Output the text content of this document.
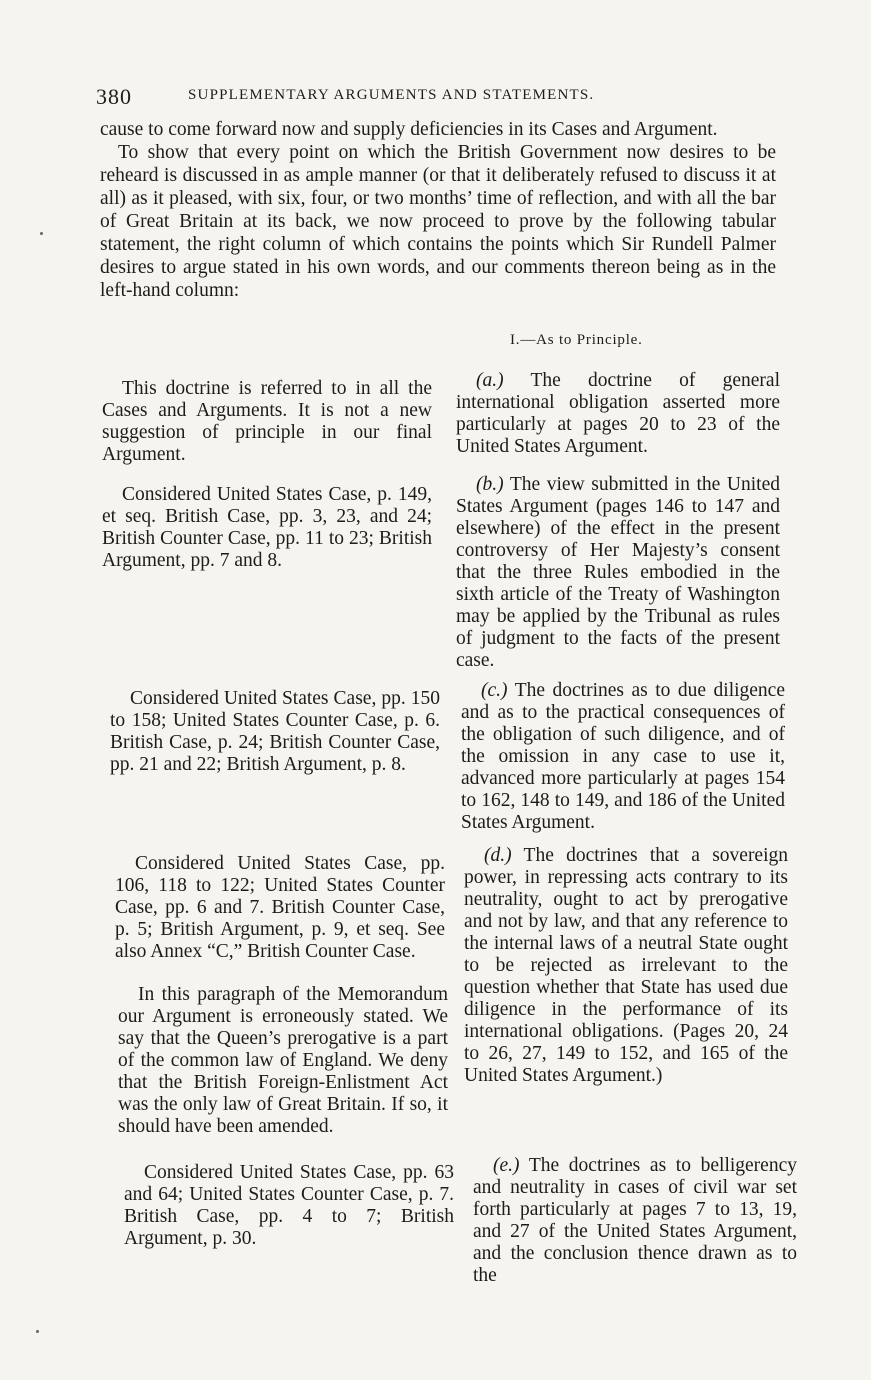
380	SUPPLEMENTARY ARGUMENTS AND STATEMENTS.

cause to come forward now and supply deficiencies in its Cases and Argument.

To show that every point on which the British Government now desires to be reheard is discussed in as ample manner (or that it deliberately refused to discuss it at all) as it pleased, with six, four, or two months’ time of reflection, and with all the bar of Great Britain at its back, we now proceed to prove by the following tabular statement, the right column of which contains the points which Sir Rundell Palmer desires to argue stated in his own words, and our comments thereon being as in the left-hand column:

I.—As to Principle.

This doctrine is referred to in all the Cases and Arguments. It is not a new suggestion of principle in our final Argument.

Considered United States Case, p. 149, et seq. British Case, pp. 3, 23, and 24; British Counter Case, pp. 11 to 23; British Argument, pp. 7 and 8.

Considered United States Case, pp. 150 to 158; United States Counter Case, p. 6. British Case, p. 24; British Counter Case, pp. 21 and 22; British Argument, p. 8.

Considered United States Case, pp. 106, 118 to 122; United States Counter Case, pp. 6 and 7. British Counter Case, p. 5; British Argument, p. 9, et seq. See also Annex “C,” British Counter Case.

In this paragraph of the Memorandum our Argument is erroneously stated. We say that the Queen’s prerogative is a part of the common law of England. We deny that the British Foreign-Enlistment Act was the only law of Great Britain. If so, it should have been amended.

Considered United States Case, pp. 63 and 64; United States Counter Case, p. 7. British Case, pp. 4 to 7; British Argument, p. 30.

(a.) The doctrine of general international obligation asserted more particularly at pages 20 to 23 of the United States Argument.

(b.) The view submitted in the United States Argument (pages 146 to 147 and elsewhere) of the effect in the present controversy of Her Majesty’s consent that the three Rules embodied in the sixth article of the Treaty of Washington may be applied by the Tribunal as rules of judgment to the facts of the present case.

(c.) The doctrines as to due diligence and as to the practical consequences of the obligation of such diligence, and of the omission in any case to use it, advanced more particularly at pages 154 to 162, 148 to 149, and 186 of the United States Argument.

(d.) The doctrines that a sovereign power, in repressing acts contrary to its neutrality, ought to act by prerogative and not by law, and that any reference to the internal laws of a neutral State ought to be rejected as irrelevant to the question whether that State has used due diligence in the performance of its international obligations. (Pages 20, 24 to 26, 27, 149 to 152, and 165 of the United States Argument.)

(e.) The doctrines as to belligerency and neutrality in cases of civil war set forth particularly at pages 7 to 13, 19, and 27 of the United States Argument, and the conclusion thence drawn as to the
